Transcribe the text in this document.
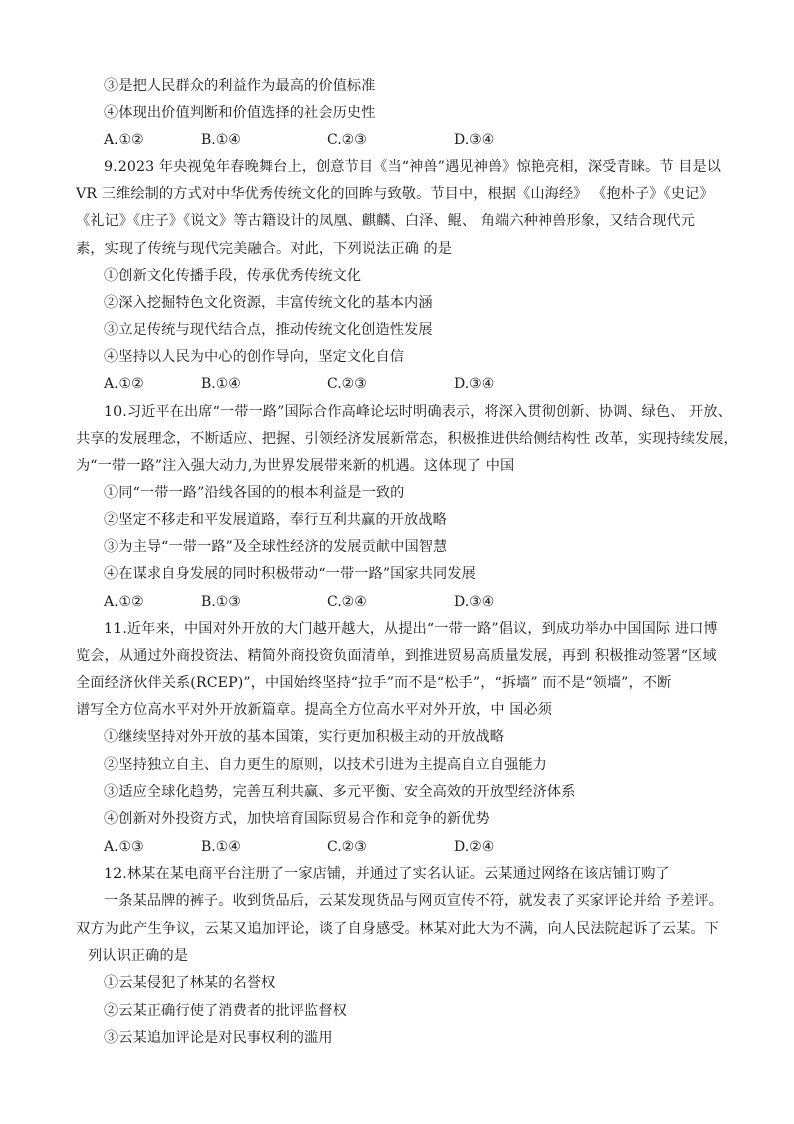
③是把人民群众的利益作为最高的价值标准
④体现出价值判断和价值选择的社会历史性
A.①②	B.①④	C.②③	D.③④
9.2023 年央视兔年春晚舞台上，创意节目《当“神兽”遇见神兽》惊艳亮相，深受青睐。节 目是以
VR 三维绘制的方式对中华优秀传统文化的回眸与致敬。节目中，根据《山海经》 《抱朴子》《史记》
《礼记》《庄子》《说文》等古籍设计的凤凰、麒麟、白泽、鲲、 角端六种神兽形象，又结合现代元
素，实现了传统与现代完美融合。对此，下列说法正确 的是
①创新文化传播手段，传承优秀传统文化
②深入挖掘特色文化资源，丰富传统文化的基本内涵
③立足传统与现代结合点，推动传统文化创造性发展
④坚持以人民为中心的创作导向，坚定文化自信
A.①②	B.①④	C.②③	D.③④
10.习近平在出席“一带一路”国际合作高峰论坛时明确表示，将深入贯彻创新、协调、绿色、 开放、
共享的发展理念，不断适应、把握、引领经济发展新常态，积极推进供给侧结构性 改革，实现持续发展，
为“一带一路”注入强大动力,为世界发展带来新的机遇。这体现了 中国
①同“一带一路”沿线各国的的根本利益是一致的
②坚定不移走和平发展道路，奉行互利共赢的开放战略
③为主导“一带一路”及全球性经济的发展贡献中国智慧
④在谋求自身发展的同时积极带动“一带一路”国家共同发展
A.①②	B.①③	C.②④	D.③④
11.近年来，中国对外开放的大门越开越大，从提出“一带一路”倡议，到成功举办中国国际 进口博
览会，从通过外商投资法、精简外商投资负面清单，到推进贸易高质量发展，再到 积极推动签署“区域
全面经济伙伴关系(RCEP)”，中国始终坚持“拉手”而不是“松手”，“拆墙” 而不是“领墙”，不断
谱写全方位高水平对外开放新篇章。提高全方位高水平对外开放，中 国必须
①继续坚持对外开放的基本国策，实行更加积极主动的开放战略
②坚持独立自主、自力更生的原则，以技术引进为主提高自立自强能力
③适应全球化趋势，完善互利共赢、多元平衡、安全高效的开放型经济体系
④创新对外投资方式，加快培育国际贸易合作和竞争的新优势
A.①③	B.①④	C.②③	D.②④
12.林某在某电商平台注册了一家店铺，并通过了实名认证。云某通过网络在该店铺订购了
一条某品牌的裤子。收到货品后，云某发现货品与网页宣传不符，就发表了买家评论并给 予差评。
双方为此产生争议，云某又追加评论，谈了自身感受。林某对此大为不满，向人民法院起诉了云某。下
列认识正确的是
①云某侵犯了林某的名誉权
②云某正确行使了消费者的批评监督权
③云某追加评论是对民事权利的滥用
